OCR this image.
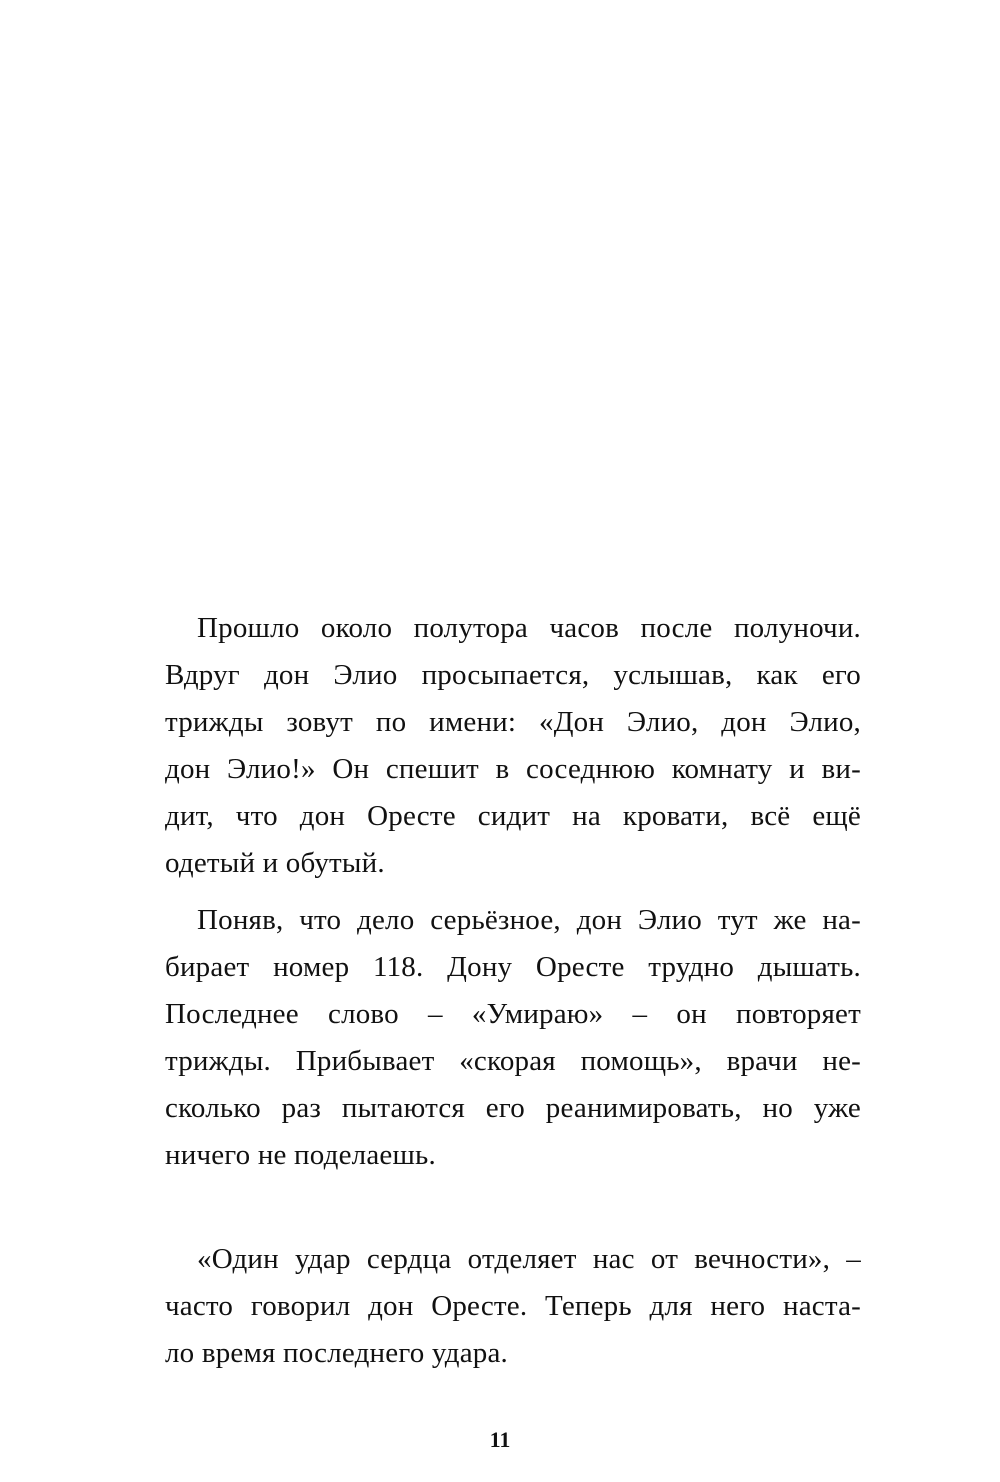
Прошло около полутора часов после полуночи.
Вдруг дон Элио просыпается, услышав, как его
трижды зовут по имени: «Дон Элио, дон Элио,
дон Элио!» Он спешит в соседнюю комнату и ви-
дит, что дон Оресте сидит на кровати, всё ещё
одетый и обутый.
Поняв, что дело серьёзное, дон Элио тут же на-
бирает номер 118. Дону Оресте трудно дышать.
Последнее слово – «Умираю» – он повторяет
трижды. Прибывает «скорая помощь», врачи не-
сколько раз пытаются его реанимировать, но уже
ничего не поделаешь.
«Один удар сердца отделяет нас от вечности», –
часто говорил дон Оресте. Теперь для него наста-
ло время последнего удара.
11
